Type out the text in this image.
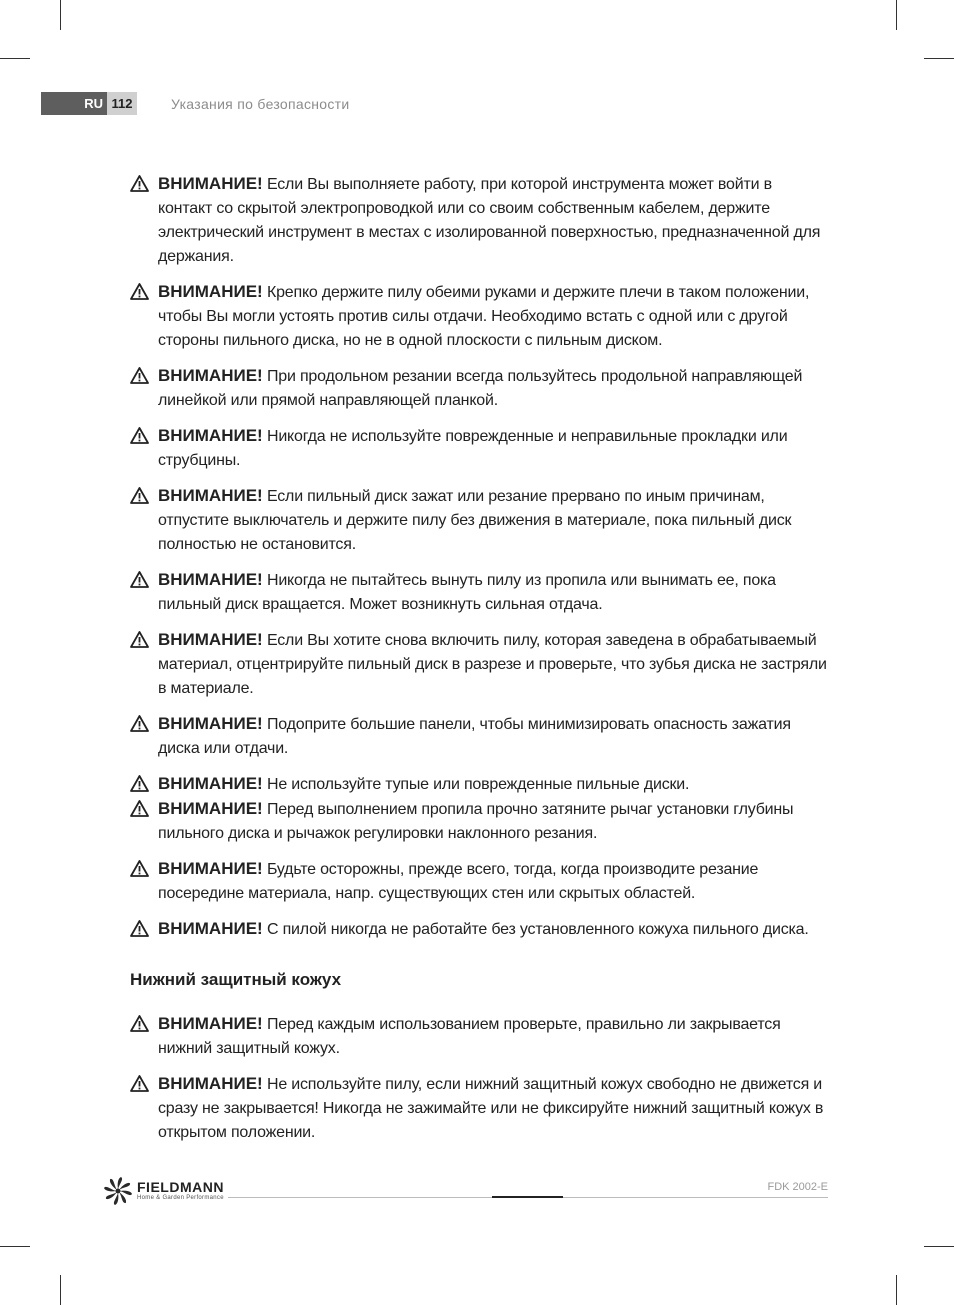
RU 112	Указания по безопасности
ВНИМАНИЕ! Если Вы выполняете работу, при которой инструмента может войти в контакт со скрытой электропроводкой или со своим собственным кабелем, держите электрический инструмент в местах с изолированной поверхностью, предназначенной для держания.
ВНИМАНИЕ! Крепко держите пилу обеими руками и держите плечи в таком положении, чтобы Вы могли устоять против силы отдачи. Необходимо встать с одной или с другой стороны пильного диска, но не в одной плоскости с пильным диском.
ВНИМАНИЕ! При продольном резании всегда пользуйтесь продольной направляющей линейкой или прямой направляющей планкой.
ВНИМАНИЕ! Никогда не используйте поврежденные и неправильные прокладки или струбцины.
ВНИМАНИЕ! Если пильный диск зажат или резание прервано по иным причинам, отпустите выключатель и держите пилу без движения в материале, пока пильный диск полностью не остановится.
ВНИМАНИЕ! Никогда не пытайтесь вынуть пилу из пропила или вынимать ее, пока пильный диск вращается. Может возникнуть сильная отдача.
ВНИМАНИЕ! Если Вы хотите снова включить пилу, которая заведена в обрабатываемый материал, отцентрируйте пильный диск в разрезе и проверьте, что зубья диска не застряли в материале.
ВНИМАНИЕ! Подоприте большие панели, чтобы минимизировать опасность зажатия диска или отдачи.
ВНИМАНИЕ! Не используйте тупые или поврежденные пильные диски.
ВНИМАНИЕ! Перед выполнением пропила прочно затяните рычаг установки глубины пильного диска и рычажок регулировки наклонного резания.
ВНИМАНИЕ! Будьте осторожны, прежде всего, тогда, когда производите резание посередине материала, напр. существующих стен или скрытых областей.
ВНИМАНИЕ! С пилой никогда не работайте без установленного кожуха пильного диска.
Нижний защитный кожух
ВНИМАНИЕ! Перед каждым использованием проверьте, правильно ли закрывается нижний защитный кожух.
ВНИМАНИЕ! Не используйте пилу, если нижний защитный кожух свободно не движется и сразу не закрывается! Никогда не зажимайте или не фиксируйте нижний защитный кожух в открытом положении.
FIELDMANN
Home & Garden Performance
FDK 2002-E
